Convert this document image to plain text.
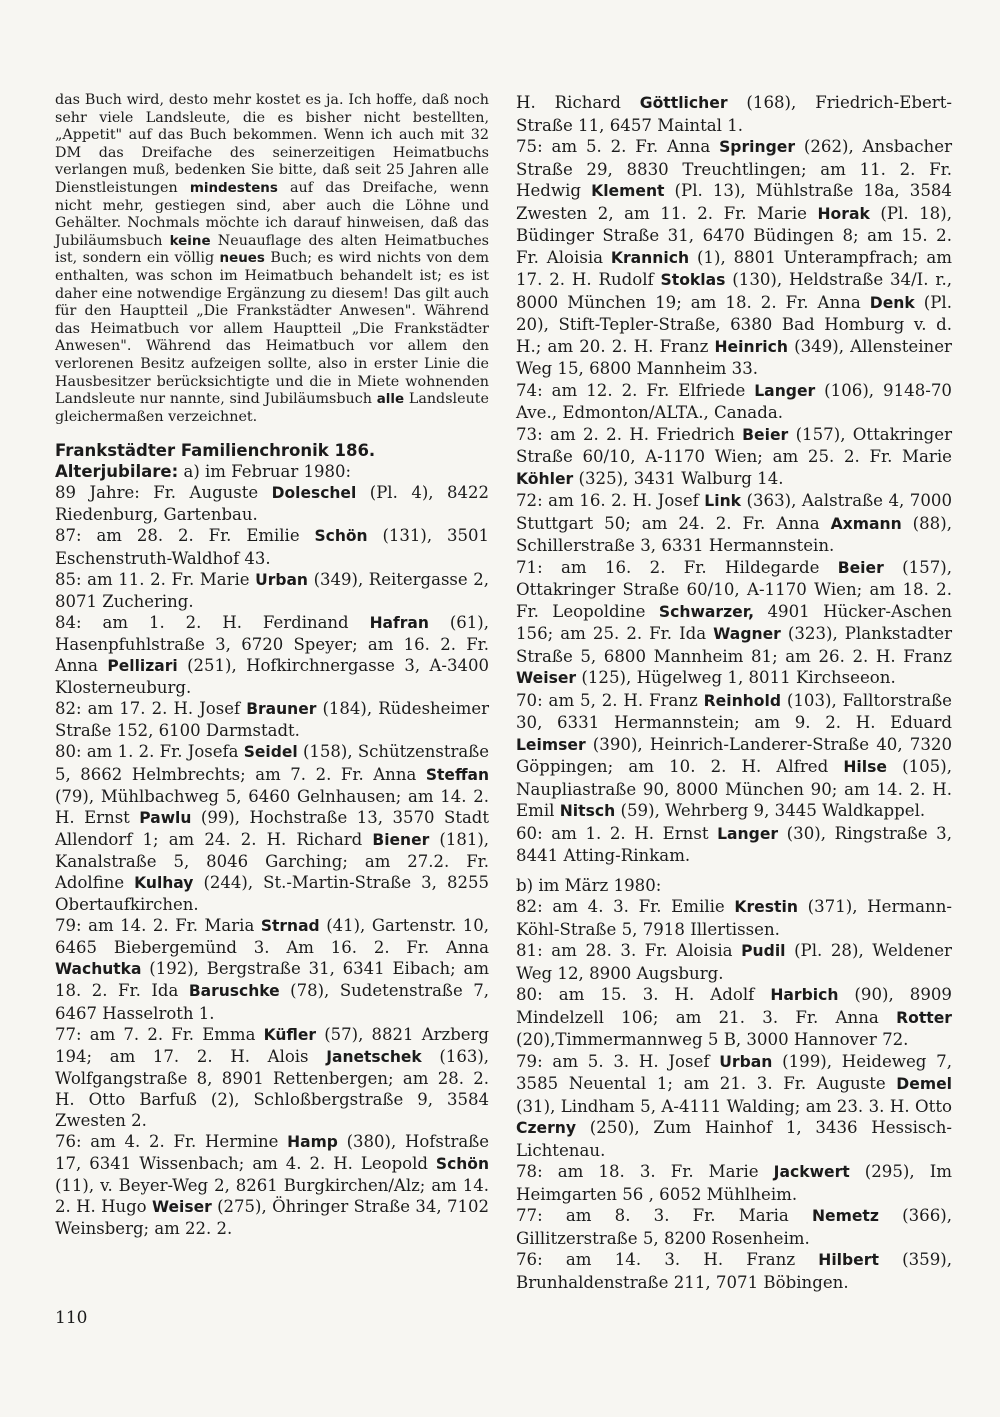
das Buch wird, desto mehr kostet es ja. Ich hoffe, daß noch sehr viele Landsleute, die es bisher nicht bestellten, „Appetit" auf das Buch bekommen. Wenn ich auch mit 32 DM das Dreifache des seinerzeitigen Heimatbuchs verlangen muß, bedenken Sie bitte, daß seit 25 Jahren alle Dienstleistungen mindestens auf das Dreifache, wenn nicht mehr, gestiegen sind, aber auch die Löhne und Gehälter. Nochmals möchte ich darauf hinweisen, daß das Jubiläumsbuch keine Neuauflage des alten Heimatbuches ist, sondern ein völlig neues Buch; es wird nichts von dem enthalten, was schon im Heimatbuch behandelt ist; es ist daher eine notwendige Ergänzung zu diesem! Das gilt auch für den Hauptteil „Die Frankstädter Anwesen". Während das Heimatbuch vor allem Hauptteil „Die Frankstädter Anwesen". Während das Heimatbuch vor allem den verlorenen Besitz aufzeigen sollte, also in erster Linie die Hausbesitzer berücksichtigte und die in Miete wohnenden Landsleute nur nannte, sind Jubiläumsbuch alle Landsleute gleichermaßen verzeichnet.

Frankstädter Familienchronik 186.

Alterjubilare: a) im Februar 1980:

89 Jahre: Fr. Auguste Doleschel (Pl. 4), 8422 Riedenburg, Gartenbau.

87: am 28. 2. Fr. Emilie Schön (131), 3501 Eschenstruth-Waldhof 43.

85: am 11. 2. Fr. Marie Urban (349), Reitergasse 2, 8071 Zuchering.

84: am 1. 2. H. Ferdinand Hafran (61), Hasenpfuhlstraße 3, 6720 Speyer; am 16. 2. Fr. Anna Pellizari (251), Hofkirchnergasse 3, A-3400 Klosterneuburg.

82: am 17. 2. H. Josef Brauner (184), Rüdesheimer Straße 152, 6100 Darmstadt.

80: am 1. 2. Fr. Josefa Seidel (158), Schützenstraße 5, 8662 Helmbrechts; am 7. 2. Fr. Anna Steffan (79), Mühlbachweg 5, 6460 Gelnhausen; am 14. 2. H. Ernst Pawlu (99), Hochstraße 13, 3570 Stadt Allendorf 1; am 24. 2. H. Richard Biener (181), Kanalstraße 5, 8046 Garching; am 27.2. Fr. Adolfine Kulhay (244), St.-Martin-Straße 3, 8255 Obertaufkirchen.

79: am 14. 2. Fr. Maria Strnad (41), Gartenstr. 10, 6465 Biebergemünd 3. Am 16. 2. Fr. Anna Wachutka (192), Bergstraße 31, 6341 Eibach; am 18. 2. Fr. Ida Baruschke (78), Sudetenstraße 7, 6467 Hasselroth 1.

77: am 7. 2. Fr. Emma Küfler (57), 8821 Arzberg 194; am 17. 2. H. Alois Janetschek (163), Wolfgangstraße 8, 8901 Rettenbergen; am 28. 2. H. Otto Barfuß (2), Schloßbergstraße 9, 3584 Zwesten 2.

76: am 4. 2. Fr. Hermine Hamp (380), Hofstraße 17, 6341 Wissenbach; am 4. 2. H. Leopold Schön (11), v. Beyer-Weg 2, 8261 Burgkirchen/Alz; am 14. 2. H. Hugo Weiser (275), Öhringer Straße 34, 7102 Weinsberg; am 22. 2.

H. Richard Göttlicher (168), Friedrich-Ebert-Straße 11, 6457 Maintal 1.

75: am 5. 2. Fr. Anna Springer (262), Ansbacher Straße 29, 8830 Treuchtlingen; am 11. 2. Fr. Hedwig Klement (Pl. 13), Mühlstraße 18a, 3584 Zwesten 2, am 11. 2. Fr. Marie Horak (Pl. 18), Büdinger Straße 31, 6470 Büdingen 8; am 15. 2. Fr. Aloisia Krannich (1), 8801 Unterampfrach; am 17. 2. H. Rudolf Stoklas (130), Heldstraße 34/I. r., 8000 München 19; am 18. 2. Fr. Anna Denk (Pl. 20), Stift-Tepler-Straße, 6380 Bad Homburg v. d. H.; am 20. 2. H. Franz Heinrich (349), Allensteiner Weg 15, 6800 Mannheim 33.

74: am 12. 2. Fr. Elfriede Langer (106), 9148-70 Ave., Edmonton/ALTA., Canada.

73: am 2. 2. H. Friedrich Beier (157), Ottakringer Straße 60/10, A-1170 Wien; am 25. 2. Fr. Marie Köhler (325), 3431 Walburg 14.

72: am 16. 2. H. Josef Link (363), Aalstraße 4, 7000 Stuttgart 50; am 24. 2. Fr. Anna Axmann (88), Schillerstraße 3, 6331 Hermannstein.

71: am 16. 2. Fr. Hildegarde Beier (157), Ottakringer Straße 60/10, A-1170 Wien; am 18. 2. Fr. Leopoldine Schwarzer, 4901 Hücker-Aschen 156; am 25. 2. Fr. Ida Wagner (323), Plankstadter Straße 5, 6800 Mannheim 81; am 26. 2. H. Franz Weiser (125), Hügelweg 1, 8011 Kirchseeon.

70: am 5, 2. H. Franz Reinhold (103), Falltorstraße 30, 6331 Hermannstein; am 9. 2. H. Eduard Leimser (390), Heinrich-Landerer-Straße 40, 7320 Göppingen; am 10. 2. H. Alfred Hilse (105), Naupliastraße 90, 8000 München 90; am 14. 2. H. Emil Nitsch (59), Wehrberg 9, 3445 Waldkappel.

60: am 1. 2. H. Ernst Langer (30), Ringstraße 3, 8441 Atting-Rinkam.

b) im März 1980:

82: am 4. 3. Fr. Emilie Krestin (371), Hermann-Köhl-Straße 5, 7918 Illertissen.

81: am 28. 3. Fr. Aloisia Pudil (Pl. 28), Weldener Weg 12, 8900 Augsburg.

80: am 15. 3. H. Adolf Harbich (90), 8909 Mindelzell 106; am 21. 3. Fr. Anna Rotter (20),Timmermannweg 5 B, 3000 Hannover 72.

79: am 5. 3. H. Josef Urban (199), Heideweg 7, 3585 Neuental 1; am 21. 3. Fr. Auguste Demel (31), Lindham 5, A-4111 Walding; am 23. 3. H. Otto Czerny (250), Zum Hainhof 1, 3436 Hessisch-Lichtenau.

78: am 18. 3. Fr. Marie Jackwert (295), Im Heimgarten 56 , 6052 Mühlheim.

77: am 8. 3. Fr. Maria Nemetz (366), Gillitzerstraße 5, 8200 Rosenheim.

76: am 14. 3. H. Franz Hilbert (359), Brunhaldenstraße 211, 7071 Böbingen.

110
